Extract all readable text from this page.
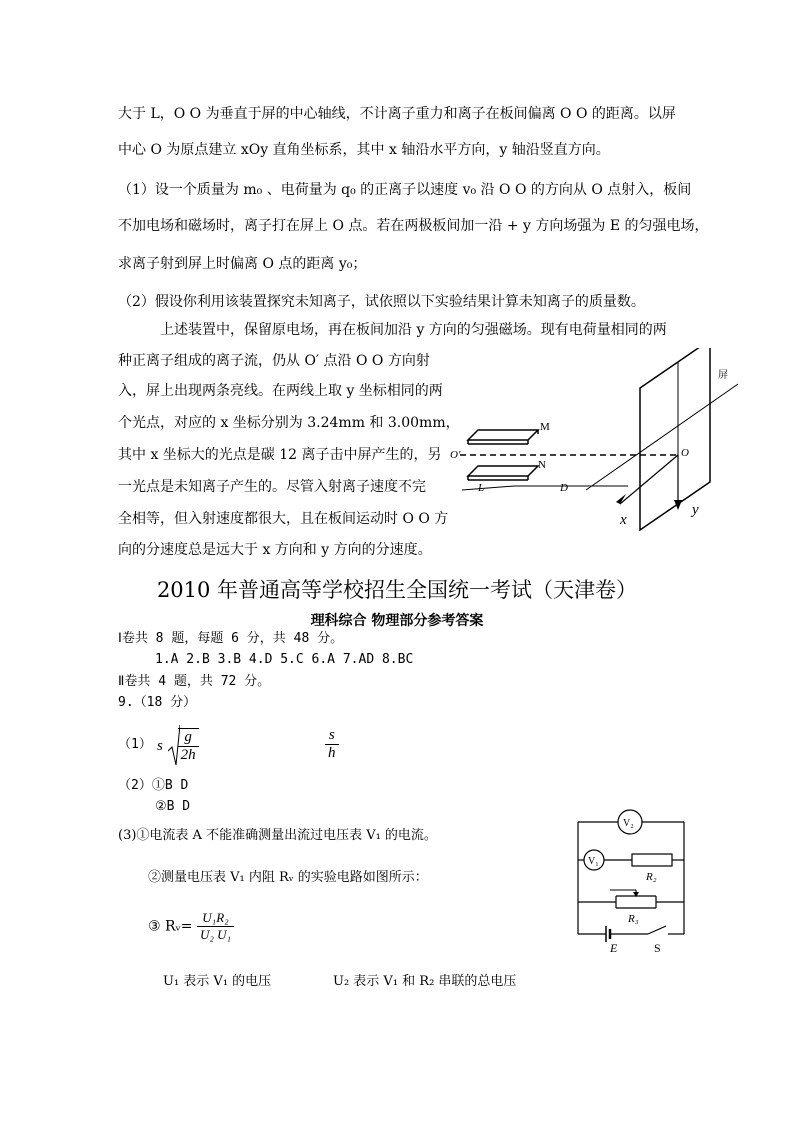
大于 L，O O 为垂直于屏的中心轴线，不计离子重力和离子在板间偏离 O O 的距离。以屏
中心 O 为原点建立 xOy 直角坐标系，其中 x 轴沿水平方向，y 轴沿竖直方向。
（1）设一个质量为 m₀ 、电荷量为 q₀ 的正离子以速度 v₀ 沿 O O 的方向从 O 点射入，板间
不加电场和磁场时，离子打在屏上 O 点。若在两极板间加一沿 + y 方向场强为 E 的匀强电场，
求离子射到屏上时偏离 O 点的距离 y₀；
（2）假设你利用该装置探究未知离子，试依照以下实验结果计算未知离子的质量数。
上述装置中，保留原电场，再在板间加沿 y 方向的匀强磁场。现有电荷量相同的两
种正离子组成的离子流，仍从 O′ 点沿 O O 方向射
入，屏上出现两条亮线。在两线上取 y 坐标相同的两
个光点，对应的 x 坐标分别为 3.24mm 和 3.00mm，
其中 x 坐标大的光点是碳 12 离子击中屏产生的，另
一光点是未知离子产生的。尽管入射离子速度不完
全相等，但入射速度都很大，且在板间运动时 O O 方
向的分速度总是远大于 x 方向和 y 方向的分速度。
M
N
O'
屏
O
y
x
L	D
2010 年普通高等学校招生全国统一考试（天津卷）
理科综合 物理部分参考答案
Ⅰ卷共 8 题，每题 6 分，共 48 分。
1.A 2.B 3.B 4.D 5.C 6.A 7.AD 8.BC
Ⅱ卷共 4 题，共 72 分。
9.（18 分）
（1） s $\frac{g}{2h}$	$\frac{s}{h}$
（2）①B D
②B D
(3)①电流表 A 不能准确测量出流过电压表 V₁ 的电流。
②测量电压表 V₁ 内阻 Rᵥ 的实验电路如图所示：
③ Rᵥ= $\frac{\text{U₁R₂}}{\text{U₂ U₁}}$
U₁ 表示 V₁ 的电压	U₂ 表示 V₁ 和 R₂ 串联的总电压
V₂
V₁
R₂
R₃
E	S
